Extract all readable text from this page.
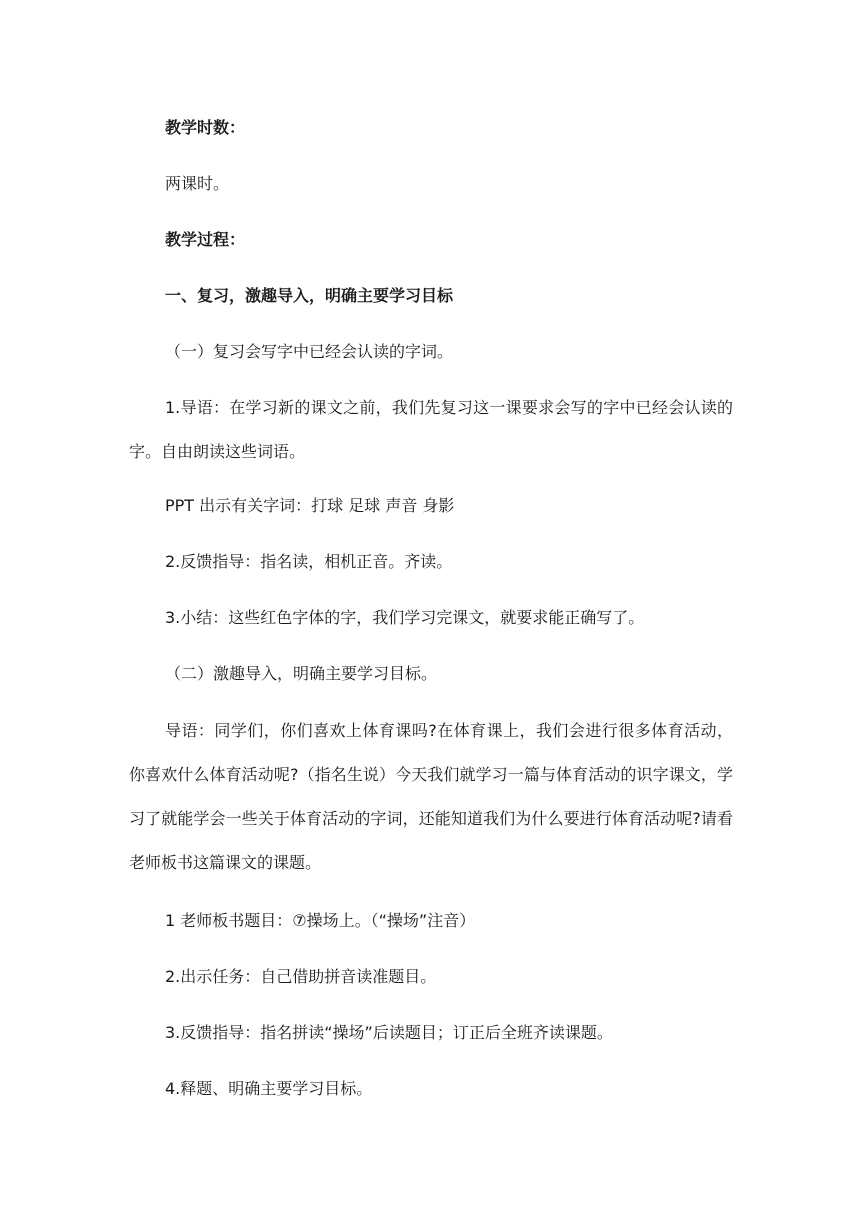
教学时数：

两课时。

教学过程：

一、复习，激趣导入，明确主要学习目标

（一）复习会写字中已经会认读的字词。

1.导语：在学习新的课文之前，我们先复习这一课要求会写的字中已经会认读的字。自由朗读这些词语。

PPT 出示有关字词：打球 足球 声音 身影

2.反馈指导：指名读，相机正音。齐读。

3.小结：这些红色字体的字，我们学习完课文，就要求能正确写了。

（二）激趣导入，明确主要学习目标。

导语：同学们，你们喜欢上体育课吗?在体育课上，我们会进行很多体育活动，你喜欢什么体育活动呢?（指名生说）今天我们就学习一篇与体育活动的识字课文，学习了就能学会一些关于体育活动的字词，还能知道我们为什么要进行体育活动呢?请看老师板书这篇课文的课题。

1 老师板书题目：⑦操场上。（“操场”注音）

2.出示任务：自己借助拼音读准题目。

3.反馈指导：指名拼读“操场”后读题目；订正后全班齐读课题。

4.释题、明确主要学习目标。
